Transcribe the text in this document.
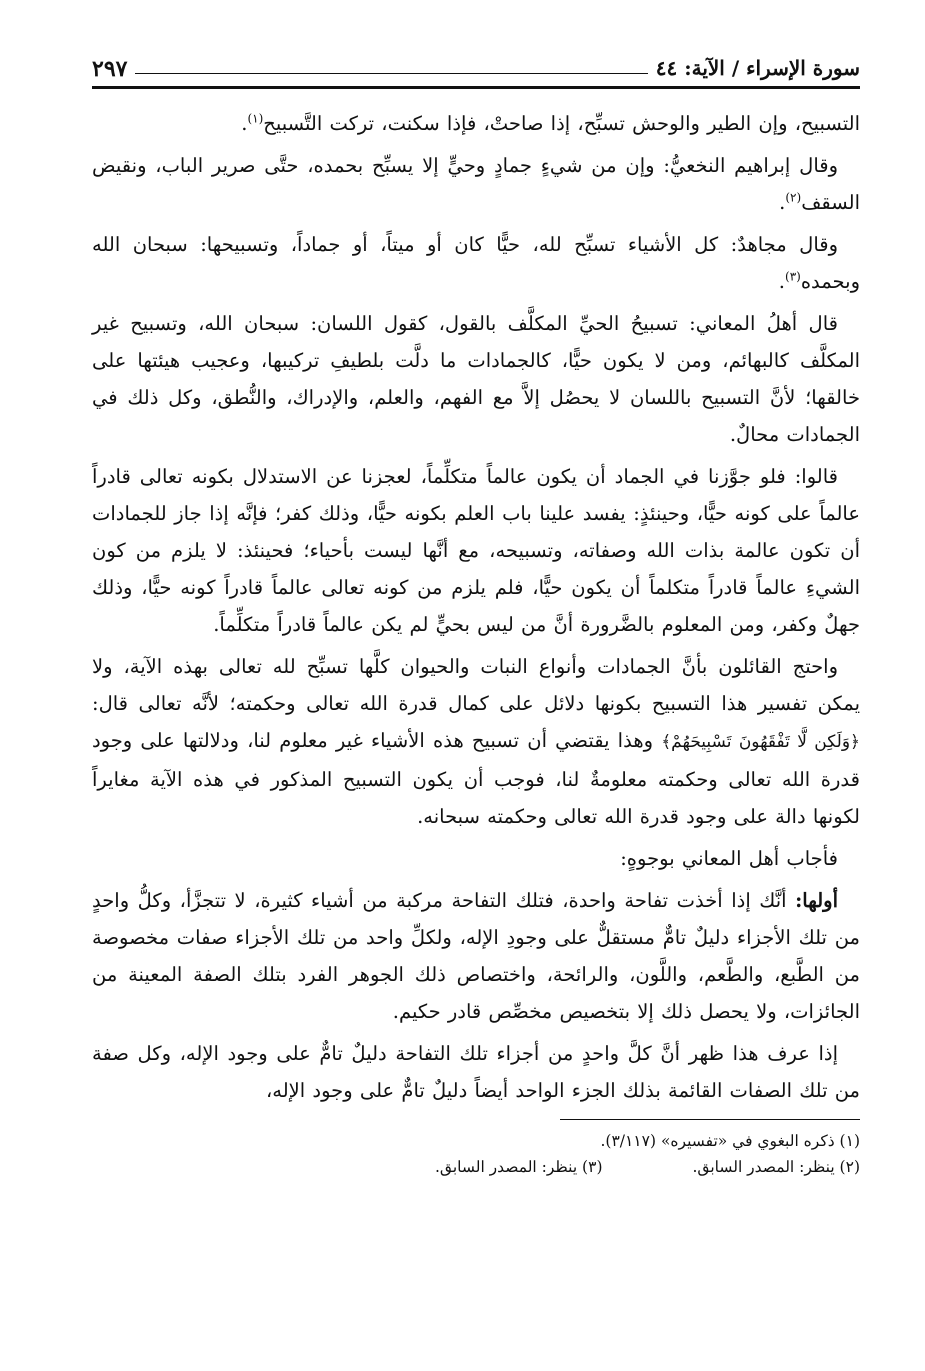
سورة الإسراء / الآية: ٤٤
٢٩٧

التسبيح، وإن الطير والوحش تسبِّح، إذا صاحتْ، فإذا سكنت، ترکت التَّسبيح$^{(١)}$.

وقال إبراهيم النخعيُّ: وإن من شيءٍ جمادٍ وحيٍّ إلا يسبِّح بحمده، حتَّى صرير الباب، ونقيض السقف$^{(٢)}$.

وقال مجاهدٌ: كل الأشياء تسبِّح لله، حيًّا كان أو ميتاً، أو جماداً، وتسبيحها: سبحان الله وبحمده$^{(٣)}$.

قال أهلُ المعاني: تسبيحُ الحيِّ المكلَّف بالقول، كقول اللسان: سبحان الله، وتسبيح غير المكلَّف كالبهائم، ومن لا يكون حيًّا، كالجمادات ما دلَّت بلطيفِ تركيبها، وعجيب هيئتها على خالقها؛ لأنَّ التسبيح باللسان لا يحصُل إلاَّ مع الفهم، والعلم، والإدراك، والنُّطق، وكل ذلك في الجمادات محالٌ.

قالوا: فلو جوَّزنا في الجماد أن يكون عالماً متكلِّماً، لعجزنا عن الاستدلال بكونه تعالى قادراً عالماً على كونه حيًّا، وحينئذٍ: يفسد علينا باب العلم بكونه حيًّا، وذلك كفر؛ فإنَّه إذا جاز للجمادات أن تكون عالمة بذات الله وصفاته، وتسبيحه، مع أنَّها ليست بأحياء؛ فحينئذ: لا يلزم من كون الشيءِ عالماً قادراً متكلماً أن يكون حيًّا، فلم يلزم من كونه تعالى عالماً قادراً كونه حيًّا، وذلك جهلٌ وكفر، ومن المعلوم بالضَّرورة أنَّ من ليس بحيٍّ لم يكن عالماً قادراً متكلِّماً.

واحتج القائلون بأنَّ الجمادات وأنواع النبات والحيوان كلَّها تسبِّح لله تعالى بهذه الآية، ولا يمكن تفسير هذا التسبيح بكونها دلائل على كمال قدرة الله تعالى وحكمته؛ لأنَّه تعالى قال: ﴿وَلَكِن لَّا تَفْقَهُونَ تَسْبِيحَهُمْ﴾ وهذا يقتضي أن تسبيح هذه الأشياء غير معلوم لنا، ودلالتها على وجود قدرة الله تعالى وحكمته معلومةٌ لنا، فوجب أن يكون التسبيح المذكور في هذه الآية مغايراً لكونها دالة على وجود قدرة الله تعالى وحكمته سبحانه.

فأجاب أهل المعاني بوجوهٍ:

أولها: أنَّك إذا أخذت تفاحة واحدة، فتلك التفاحة مركبة من أشياء كثيرة، لا تتجزَّأ، وكلُّ واحدٍ من تلك الأجزاء دليلٌ تامٌّ مستقلٌّ على وجودِ الإله، ولكلِّ واحد من تلك الأجزاء صفات مخصوصة من الطَّبع، والطَّعم، واللَّون، والرائحة، واختصاص ذلك الجوهر الفرد بتلك الصفة المعينة من الجائزات، ولا يحصل ذلك إلا بتخصيص مخصِّص قادر حكيم.

إذا عرف هذا ظهر أنَّ كلَّ واحدٍ من أجزاء تلك التفاحة دليلٌ تامٌّ على وجود الإله، وكل صفة من تلك الصفات القائمة بذلك الجزء الواحد أيضاً دليلٌ تامٌّ على وجود الإله،

(١) ذكره البغوي في «تفسيره» (٣/١١٧).
(٢) ينظر: المصدر السابق.
(٣) ينظر: المصدر السابق.
